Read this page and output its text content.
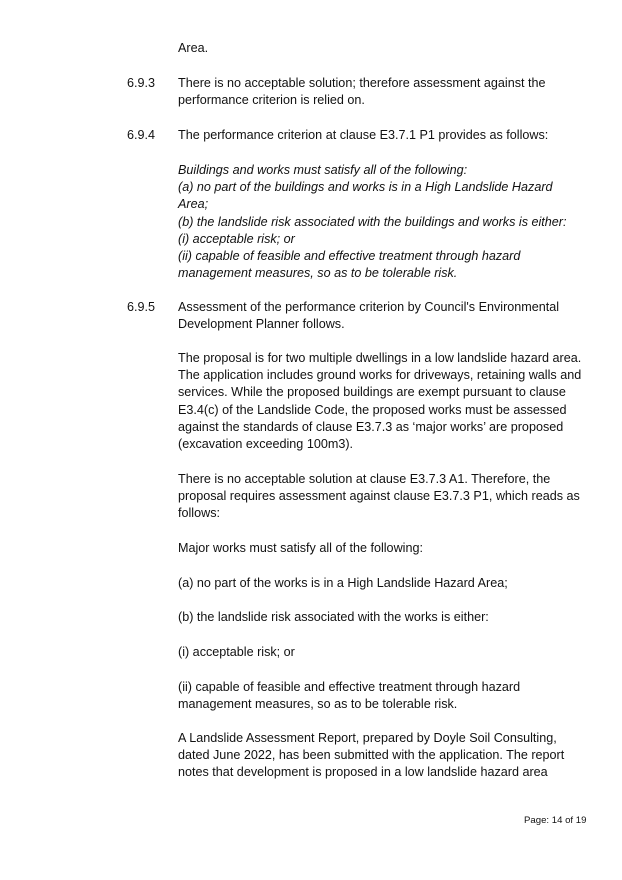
Area.

6.9.3 There is no acceptable solution; therefore assessment against the
performance criterion is relied on.

6.9.4 The performance criterion at clause E3.7.1 P1 provides as follows:

Buildings and works must satisfy all of the following:
(a) no part of the buildings and works is in a High Landslide Hazard
Area;
(b) the landslide risk associated with the buildings and works is either:
(i) acceptable risk; or
(ii) capable of feasible and effective treatment through hazard
management measures, so as to be tolerable risk.

6.9.5 Assessment of the performance criterion by Council's Environmental
Development Planner follows.

The proposal is for two multiple dwellings in a low landslide hazard area.
The application includes ground works for driveways, retaining walls and
services. While the proposed buildings are exempt pursuant to clause
E3.4(c) of the Landslide Code, the proposed works must be assessed
against the standards of clause E3.7.3 as ‘major works’ are proposed
(excavation exceeding 100m3).

There is no acceptable solution at clause E3.7.3 A1. Therefore, the
proposal requires assessment against clause E3.7.3 P1, which reads as
follows:

Major works must satisfy all of the following:

(a) no part of the works is in a High Landslide Hazard Area;

(b) the landslide risk associated with the works is either:

(i) acceptable risk; or

(ii) capable of feasible and effective treatment through hazard
management measures, so as to be tolerable risk.

A Landslide Assessment Report, prepared by Doyle Soil Consulting,
dated June 2022, has been submitted with the application. The report
notes that development is proposed in a low landslide hazard area

Page: 14 of 19
